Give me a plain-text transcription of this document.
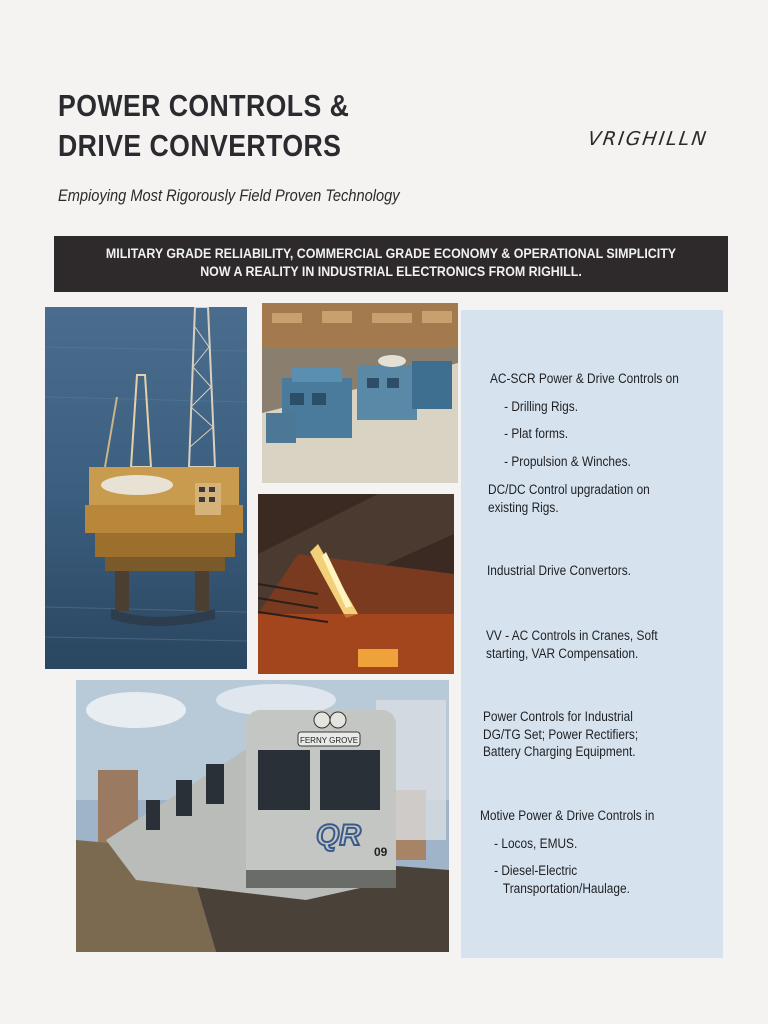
POWER CONTROLS &
DRIVE CONVERTORS	VRIGHILLN
Empioying Most Rigorously Field Proven Technology
MILITARY GRADE RELIABILITY, COMMERCIAL GRADE ECONOMY & OPERATIONAL SIMPLICITY
NOW A REALITY IN INDUSTRIAL ELECTRONICS FROM RIGHILL.
FERNY GROVE
QR 09
AC-SCR Power & Drive Controls on
- Drilling Rigs.
- Plat forms.
- Propulsion & Winches.
DC/DC Control upgradation on
existing Rigs.
Industrial Drive Convertors.
VV - AC Controls in Cranes, Soft
starting, VAR Compensation.
Power Controls for Industrial
DG/TG Set; Power Rectifiers;
Battery Charging Equipment.
Motive Power & Drive Controls in
- Locos, EMUS.
- Diesel-Electric
Transportation/Haulage.
